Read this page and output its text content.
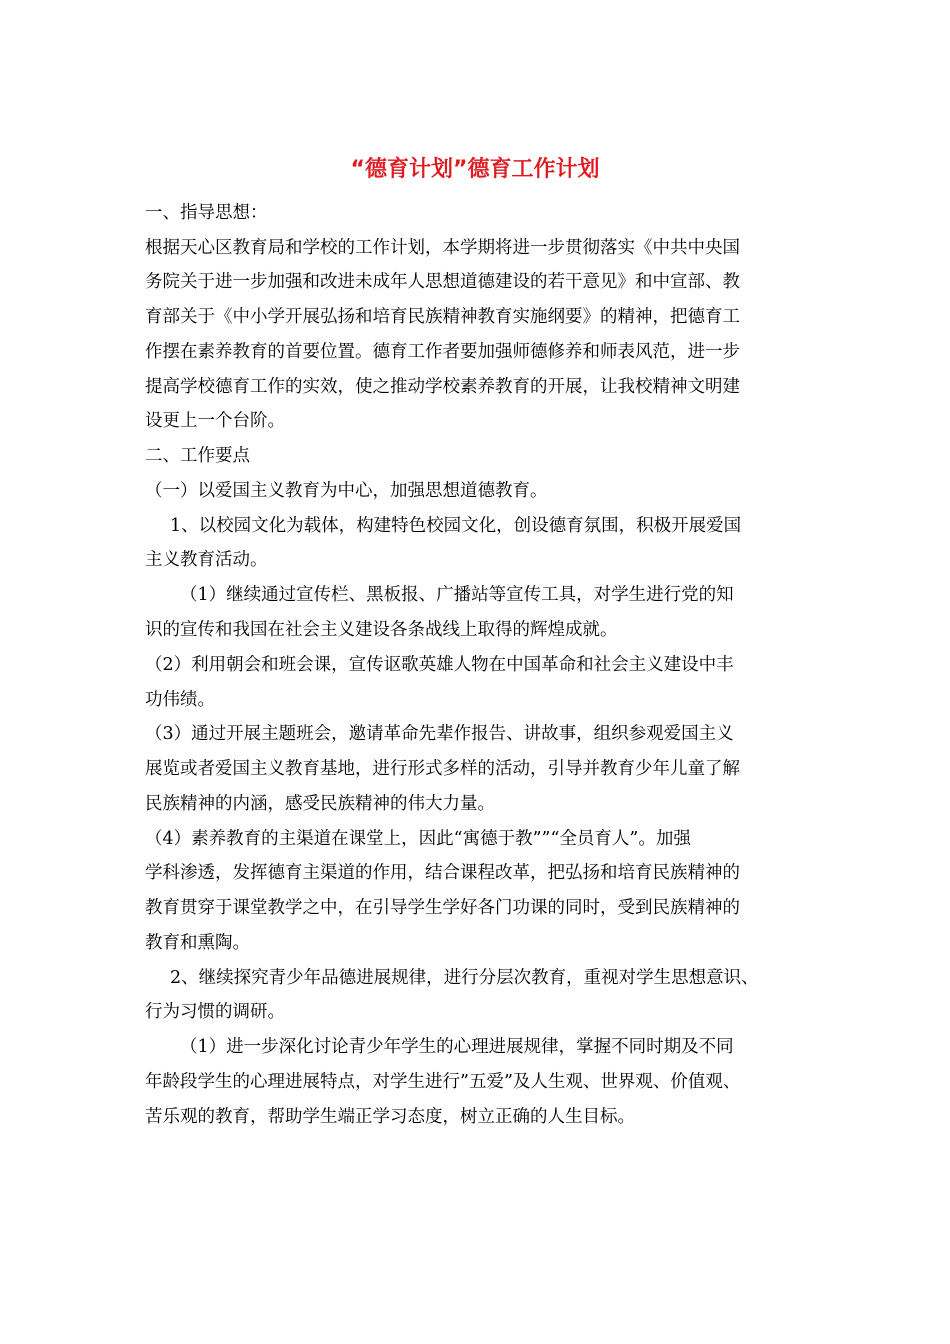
“德育计划”德育工作计划

一、指导思想：

根据天心区教育局和学校的工作计划，本学期将进一步贯彻落实《中共中央国

务院关于进一步加强和改进未成年人思想道德建设的若干意见》和中宣部、教

育部关于《中小学开展弘扬和培育民族精神教育实施纲要》的精神，把德育工

作摆在素养教育的首要位置。德育工作者要加强师德修养和师表风范，进一步

提高学校德育工作的实效，使之推动学校素养教育的开展，让我校精神文明建

设更上一个台阶。

二、工作要点

（一）以爱国主义教育为中心，加强思想道德教育。

1、以校园文化为载体，构建特色校园文化，创设德育氛围，积极开展爱国

主义教育活动。

（1）继续通过宣传栏、黑板报、广播站等宣传工具，对学生进行党的知

识的宣传和我国在社会主义建设各条战线上取得的辉煌成就。

（2）利用朝会和班会课，宣传讴歌英雄人物在中国革命和社会主义建设中丰

功伟绩。

（3）通过开展主题班会，邀请革命先辈作报告、讲故事，组织参观爱国主义

展览或者爱国主义教育基地，进行形式多样的活动，引导并教育少年儿童了解

民族精神的内涵，感受民族精神的伟大力量。

（4）素养教育的主渠道在课堂上，因此“寓德于教””“全员育人”。加强

学科渗透，发挥德育主渠道的作用，结合课程改革，把弘扬和培育民族精神的

教育贯穿于课堂教学之中，在引导学生学好各门功课的同时，受到民族精神的

教育和熏陶。

2、继续探究青少年品德进展规律，进行分层次教育，重视对学生思想意识、

行为习惯的调研。

（1）进一步深化讨论青少年学生的心理进展规律，掌握不同时期及不同

年龄段学生的心理进展特点，对学生进行”五爱”及人生观、世界观、价值观、

苦乐观的教育，帮助学生端正学习态度，树立正确的人生目标。
